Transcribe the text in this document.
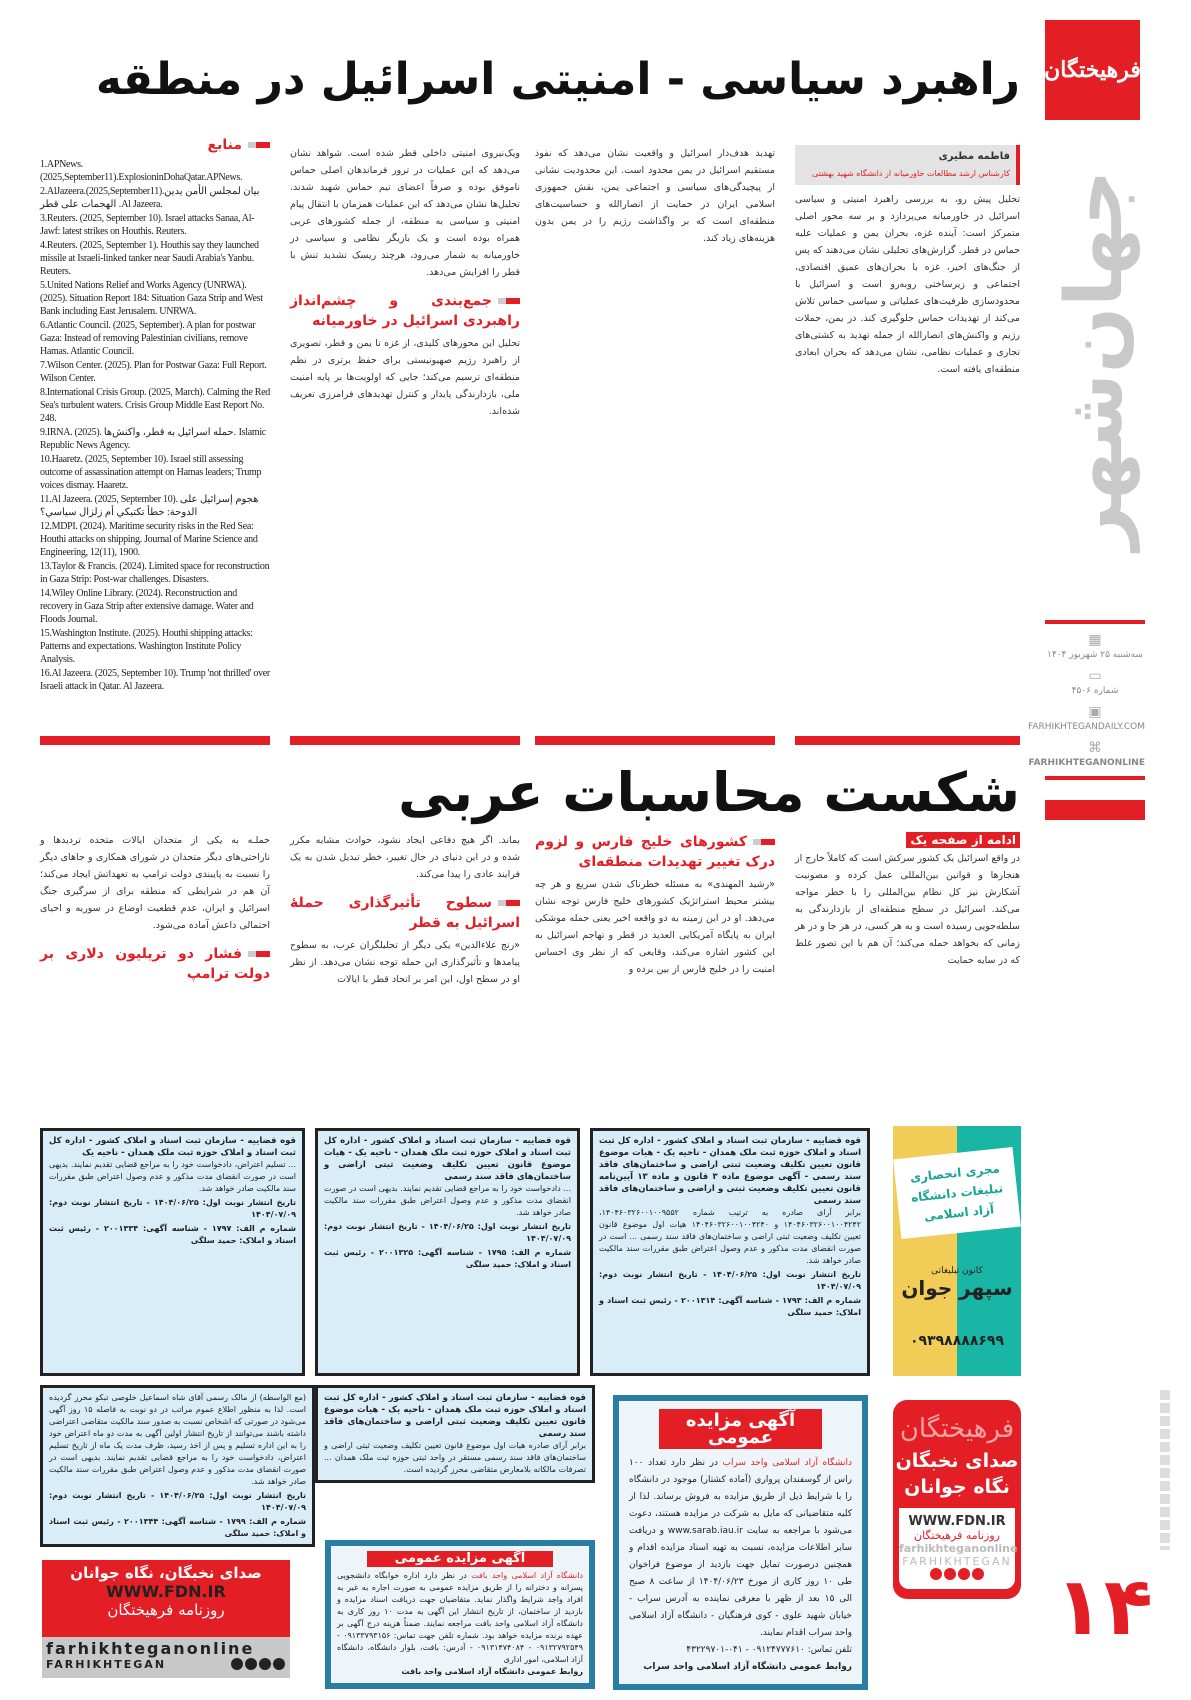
فرهیختگان
جهان‌شهر
▦
سه‌شنبه ۲۵ شهریور ۱۴۰۴
▭
شماره ۴۵۰۶
▣
FARHIKHTEGANDAILY.COM
⌘
FARHIKHTEGANONLINE
۱۴
راهبرد سیاسی - امنیتی اسرائیل در منطقه
فاطمه مطیری
کارشناس ارشد مطالعات خاورمیانه از دانشگاه شهید بهشتی

تحلیل پیش رو، به بررسی راهبرد امنیتی و سیاسی اسرائیل در خاورمیانه می‌پردازد و بر سه محور اصلی متمرکز است: آینده غزه، بحران یمن و عملیات علیه حماس در قطر. گزارش‌های تحلیلی نشان می‌دهند که پس از جنگ‌های اخیر، غزه با بحران‌های عمیق اقتصادی، اجتماعی و زیرساختی روبه‌رو است و اسرائیل با محدودسازی ظرفیت‌های عملیاتی و سیاسی حماس تلاش می‌کند از تهدیدات حماس جلوگیری کند. در یمن، حملات رژیم و واکنش‌های انصارالله از جمله تهدید به کشتی‌های تجاری و عملیات نظامی، نشان می‌دهد که بحران ابعادی منطقه‌ای یافته است.

تهدید هدف‌دار اسرائیل و واقعیت نشان می‌دهد که نفوذ مستقیم اسرائیل در یمن محدود است. این محدودیت نشانی از پیچیدگی‌های سیاسی و اجتماعی یمن، نقش جمهوری اسلامی ایران در حمایت از انصارالله و حساسیت‌های منطقه‌ای است که بر واگذاشت رژیم را در یمن بدون هزینه‌های زیاد کند.

ویک‌نیروی امنیتی داخلی قطر شده است. شواهد نشان می‌دهد که این عملیات در ترور فرماندهان اصلی حماس ناموفق بوده و صرفاً اعضای تیم حماس شهید شدند. تحلیل‌ها نشان می‌دهد که این عملیات همزمان با انتقال پیام امنیتی و سیاسی به منطقه، از جمله کشورهای عربی همراه بوده است و یک بازیگر نظامی و سیاسی در خاورمیانه به شمار می‌رود، هرچند ریسک تشدید تنش با قطر را افزایش می‌دهد.

جمع‌بندی و چشم‌انداز راهبردی اسرائیل در خاورمیانه

تحلیل این محورهای کلیدی، از غزه تا یمن و قطر، تصویری از راهبرد رژیم صهیونیستی برای حفظ برتری در نظم منطقه‌ای ترسیم می‌کند؛ جایی که اولویت‌ها بر پایه امنیت ملی، بازدارندگی پایدار و کنترل تهدیدهای فرامرزی تعریف شده‌اند.

منابع

1.APNews.(2025,September11).ExplosioninDohaQatar.APNews.

2.AlJazeera.(2025,September11).بيان لمجلس الأمن يدين الهجمات على قطر .Al Jazeera.

3.Reuters. (2025, September 10). Israel attacks Sanaa, Al-Jawf: latest strikes on Houthis. Reuters.

4.Reuters. (2025, September 1). Houthis say they launched missile at Israeli-linked tanker near Saudi Arabia's Yanbu. Reuters.

5.United Nations Relief and Works Agency (UNRWA). (2025). Situation Report 184: Situation Gaza Strip and West Bank including East Jerusalem. UNRWA.

6.Atlantic Council. (2025, September). A plan for postwar Gaza: Instead of removing Palestinian civilians, remove Hamas. Atlantic Council.

7.Wilson Center. (2025). Plan for Postwar Gaza: Full Report. Wilson Center.

8.International Crisis Group. (2025, March). Calming the Red Sea's turbulent waters. Crisis Group Middle East Report No. 248.

9.IRNA. (2025). حمله اسرائیل به قطر، واکنش‌ها. Islamic Republic News Agency.

10.Haaretz. (2025, September 10). Israel still assessing outcome of assassination attempt on Hamas leaders; Trump voices dismay. Haaretz.

11.Al Jazeera. (2025, September 10). هجوم إسرائيل على الدوحة: خطأ تكتيكي أم زلزال سياسي؟

12.MDPI. (2024). Maritime security risks in the Red Sea: Houthi attacks on shipping. Journal of Marine Science and Engineering, 12(11), 1900.

13.Taylor & Francis. (2024). Limited space for reconstruction in Gaza Strip: Post-war challenges. Disasters.

14.Wiley Online Library. (2024). Reconstruction and recovery in Gaza Strip after extensive damage. Water and Floods Journal.

15.Washington Institute. (2025). Houthi shipping attacks: Patterns and expectations. Washington Institute Policy Analysis.

16.Al Jazeera. (2025, September 10). Trump 'not thrilled' over Israeli attack in Qatar. Al Jazeera.

شکست محاسبات عربی
ادامه از صفحه یک

در واقع اسرائیل یک کشور سرکش است که کاملاً خارج از هنجارها و قوانین بین‌المللی عمل کرده و مصونیت آشکارش نیز کل نظام بین‌المللی را با خطر مواجه می‌کند. اسرائیل در سطح منطقه‌ای از بازدارندگی به سلطه‌جویی رسیده است و به هر کسی، در هر جا و در هر زمانی که بخواهد حمله می‌کند؛ آن هم با این تصور غلط که در سایه حمایت

کشورهای خلیج فارس و لزوم درک تغییر تهدیدات منطقه‌ای

«رشید المهندی» به مسئله خطرناک شدن سریع و هر چه بیشتر محیط استراتژیک کشورهای خلیج فارس توجه نشان می‌دهد. او در این زمینه به دو واقعه اخیر یعنی حمله موشکی ایران به پایگاه آمریکایی العدید در قطر و تهاجم اسرائیل به این کشور اشاره می‌کند، وقایعی که از نظر وی احساس امنیت را در خلیج فارس از بین برده و

بماند. اگر هیچ دفاعی ایجاد نشود، حوادث مشابه مکرر شده و در این دنیای در حال تغییر، خطر تبدیل شدن به یک فرایند عادی را پیدا می‌کند.

سطوح تأثیرگذاری حملهٔ اسرائیل به قطر

«رنج علاءالدین» یکی دیگر از تحلیلگران عرب، به سطوح پیامدها و تأثیرگذاری این حمله توجه نشان می‌دهد. از نظر او در سطح اول، این امر بر اتحاد قطر با ایالات

حملـه به یکی از متحدان ایالات متحده تردیدها و ناراحتی‌های دیگر متحدان در شورای همکاری و جاهای دیگر را نسبت به پایبندی دولت ترامپ به تعهداتش ایجاد می‌کند؛ آن هم در شرایطی که منطقه برای از سرگیری جنگ اسرائیل و ایران، عدم قطعیت اوضاع در سوریه و احیای احتمالی داعش آماده می‌شود.

فشار دو تریلیون دلاری بر دولت ترامپ
قوه قضاییه - سازمان ثبت اسناد و املاک کشور - اداره کل ثبت اسناد و املاک حوزه ثبت ملک همدان - ناحیه یک - هیات موضوع قانون تعیین تکلیف وضعیت ثبتی اراضی و ساختمان‌های فاقد سند رسمی - آگهی موضوع ماده ۳ قانون و ماده ۱۳ آیین‌نامه قانون تعیین تکلیف وضعیت ثبتی و اراضی و ساختمان‌های فاقد سند رسمی

برابر آرای صادره به ترتیب شماره ۱۴۰۴۶۰۳۲۶۰۰۱۰۰۹۵۵۲، ۱۴۰۴۶۰۳۲۶۰۰۱۰۰۴۲۴۲ و ۱۴۰۴۶۰۳۲۶۰۰۱۰۰۴۲۴۰ هیات اول موضوع قانون تعیین تکلیف وضعیت ثبتی اراضی و ساختمان‌های فاقد سند رسمی ... است در صورت انقضای مدت مذکور و عدم وصول اعتراض طبق مقررات سند مالکیت صادر خواهد شد.

تاریخ انتشار نوبت اول: ۱۴۰۴/۰۶/۲۵ - تاریخ انتشار نوبت دوم: ۱۴۰۴/۰۷/۰۹
شماره م الف: ۱۷۹۳ - شناسه آگهی: ۲۰۰۱۳۱۴ - رئیس ثبت اسناد و املاک: حمید سلگی
قوه قضاییه - سازمان ثبت اسناد و املاک کشور - اداره کل ثبت اسناد و املاک حوزه ثبت ملک همدان - ناحیه یک - هیات موضوع قانون تعیین تکلیف وضعیت ثبتی اراضی و ساختمان‌های فاقد سند رسمی

... دادخواست خود را به مراجع قضایی تقدیم نمایند. بدیهی است در صورت انقضای مدت مذکور و عدم وصول اعتراض طبق مقررات سند مالکیت صادر خواهد شد.

تاریخ انتشار نوبت اول: ۱۴۰۴/۰۶/۲۵ - تاریخ انتشار نوبت دوم: ۱۴۰۴/۰۷/۰۹
شماره م الف: ۱۷۹۵ - شناسه آگهی: ۲۰۰۱۳۲۵ - رئیس ثبت اسناد و املاک: حمید سلگی
قوه قضاییه - سازمان ثبت اسناد و املاک کشور - اداره کل ثبت اسناد و املاک حوزه ثبت ملک همدان - ناحیه یک

... تسلیم اعتراض، دادخواست خود را به مراجع قضایی تقدیم نمایند. بدیهی است در صورت انقضای مدت مذکور و عدم وصول اعتراض طبق مقررات سند مالکیت صادر خواهد شد.

تاریخ انتشار نوبت اول: ۱۴۰۴/۰۶/۲۵ - تاریخ انتشار نوبت دوم: ۱۴۰۴/۰۷/۰۹
شماره م الف: ۱۷۹۷ - شناسه آگهی: ۲۰۰۱۳۳۴ - رئیس ثبت اسناد و املاک: حمید سلگی
قوه قضاییه - سازمان ثبت اسناد و املاک کشور - اداره کل ثبت اسناد و املاک حوزه ثبت ملک همدان - ناحیه یک - هیات موضوع قانون تعیین تکلیف وضعیت ثبتی اراضی و ساختمان‌های فاقد سند رسمی

برابر آرای صادره هیات اول موضوع قانون تعیین تکلیف وضعیت ثبتی اراضی و ساختمان‌های فاقد سند رسمی مستقر در واحد ثبتی حوزه ثبت ملک همدان ... تصرفات مالکانه بلامعارض متقاضی محرز گردیده است.

(مع الواسطه) از مالک رسمی آقای شاه اسماعیل خلوصی تبکو محرز گردیده است. لذا به منظور اطلاع عموم مراتب در دو نوبت به فاصله ۱۵ روز آگهی می‌شود در صورتی که اشخاص نسبت به صدور سند مالکیت متقاضی اعتراضی داشته باشند می‌توانند از تاریخ انتشار اولین آگهی به مدت دو ماه اعتراض خود را به این اداره تسلیم و پس از اخذ رسید، ظرف مدت یک ماه از تاریخ تسلیم اعتراض، دادخواست خود را به مراجع قضایی تقدیم نمایند. بدیهی است در صورت انقضای مدت مذکور و عدم وصول اعتراض طبق مقررات سند مالکیت صادر خواهد شد.

تاریخ انتشار نوبت اول: ۱۴۰۴/۰۶/۲۵ - تاریخ انتشار نوبت دوم: ۱۴۰۴/۰۷/۰۹
شماره م الف: ۱۷۹۹ - شناسه آگهی: ۲۰۰۱۳۴۴ - رئیس ثبت اسناد و املاک: حمید سلگی
آگهی مزایده عمومی

دانشگاه آزاد اسلامی واحد سراب در نظر دارد تعداد ۱۰۰ راس از گوسفندان پرواری (آماده کشتار) موجود در دانشگاه را با شرایط ذیل از طریق مزایده به فروش برساند. لذا از کلیه متقاضیانی که مایل به شرکت در مزایده هستند، دعوت می‌شود با مراجعه به سایت www.sarab.iau.ir و دریافت سایر اطلاعات مزایده، نسبت به تهیه اسناد مزایده اقدام و همچنین درصورت تمایل جهت بازدید از موضوع فراخوان طی ۱۰ روز کاری از مورخ ۱۴۰۴/۰۶/۲۳ از ساعت ۸ صبح الی ۱۵ بعد از ظهر با معرفی نماینده به آدرس سراب - خیابان شهید علوی - کوی فرهنگیان - دانشگاه آزاد اسلامی واحد سراب اقدام نمایند.

تلفن تماس: ۰۹۱۲۴۷۷۷۶۱۰ - ۰۴۱-۴۳۲۲۹۷۰۱

روابط عمومی دانشگاه آزاد اسلامی واحد سراب

آگهی مزایده عمومی

دانشگاه آزاد اسلامی واحد بافت در نظر دارد اداره خوابگاه دانشجویی پسرانه و دخترانه را از طریق مزایده عمومی به صورت اجاره به غیر به افراد واجد شرایط واگذار نماید. متقاضیان جهت دریافت اسناد مزایده و بازدید از ساختمان، از تاریخ انتشار این آگهی به مدت ۱۰ روز کاری به دانشگاه آزاد اسلامی واحد بافت مراجعه نمایند. ضمناً هزینه درج آگهی بر عهده برنده مزایده خواهد بود. شماره تلفن جهت تماس: ۰۹۱۳۳۷۹۳۱۵۶ - ۰۹۱۳۲۷۹۲۵۴۹ - ۰۹۱۳۱۴۷۴۰۸۴ - آدرس: بافت، بلوار دانشگاه، دانشگاه آزاد اسلامی، امور اداری

روابط عمومی دانشگاه آزاد اسلامی واحد بافت

مجری انحصاری تبلیغات دانشگاه آزاد اسلامی
کانون تبلیغاتی
سپهر جوان
۰۹۳۹۸۸۸۸۶۹۹
فرهیختگان
صدای نخبگان
نگاه جوانان
WWW.FDN.IR
روزنامه فرهیختگان
farhikhteganonline
FARHIKHTEGAN
صدای نخبگان، نگاه جوانان
WWW.FDN.IR
روزنامه فرهیختگان
farhikhteganonline
FARHIKHTEGAN
